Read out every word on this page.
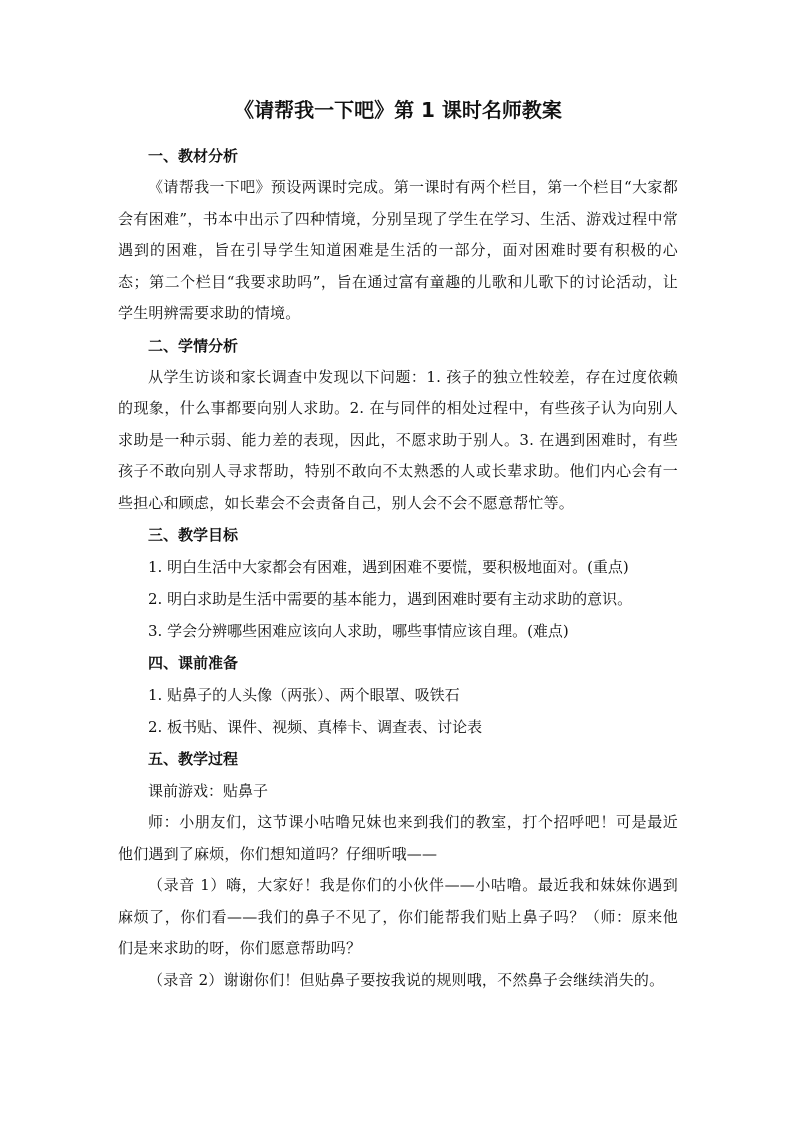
《请帮我一下吧》第 1 课时名师教案

一、教材分析

《请帮我一下吧》预设两课时完成。第一课时有两个栏目，第一个栏目“大家都会有困难”，书本中出示了四种情境，分别呈现了学生在学习、生活、游戏过程中常遇到的困难，旨在引导学生知道困难是生活的一部分，面对困难时要有积极的心态；第二个栏目“我要求助吗”，旨在通过富有童趣的儿歌和儿歌下的讨论活动，让学生明辨需要求助的情境。

二、学情分析

从学生访谈和家长调查中发现以下问题：1. 孩子的独立性较差，存在过度依赖的现象，什么事都要向别人求助。2. 在与同伴的相处过程中，有些孩子认为向别人求助是一种示弱、能力差的表现，因此，不愿求助于别人。3. 在遇到困难时，有些孩子不敢向别人寻求帮助，特别不敢向不太熟悉的人或长辈求助。他们内心会有一些担心和顾虑，如长辈会不会责备自己，别人会不会不愿意帮忙等。

三、教学目标

1. 明白生活中大家都会有困难，遇到困难不要慌，要积极地面对。(重点)

2. 明白求助是生活中需要的基本能力，遇到困难时要有主动求助的意识。

3. 学会分辨哪些困难应该向人求助，哪些事情应该自理。(难点)

四、课前准备

1. 贴鼻子的人头像（两张）、两个眼罩、吸铁石

2. 板书贴、课件、视频、真棒卡、调查表、讨论表

五、教学过程

课前游戏：贴鼻子

师：小朋友们，这节课小咕噜兄妹也来到我们的教室，打个招呼吧！可是最近他们遇到了麻烦，你们想知道吗？仔细听哦——

（录音 1）嗨，大家好！我是你们的小伙伴——小咕噜。最近我和妹妹你遇到麻烦了，你们看——我们的鼻子不见了，你们能帮我们贴上鼻子吗？（师：原来他们是来求助的呀，你们愿意帮助吗？

（录音 2）谢谢你们！但贴鼻子要按我说的规则哦，不然鼻子会继续消失的。
